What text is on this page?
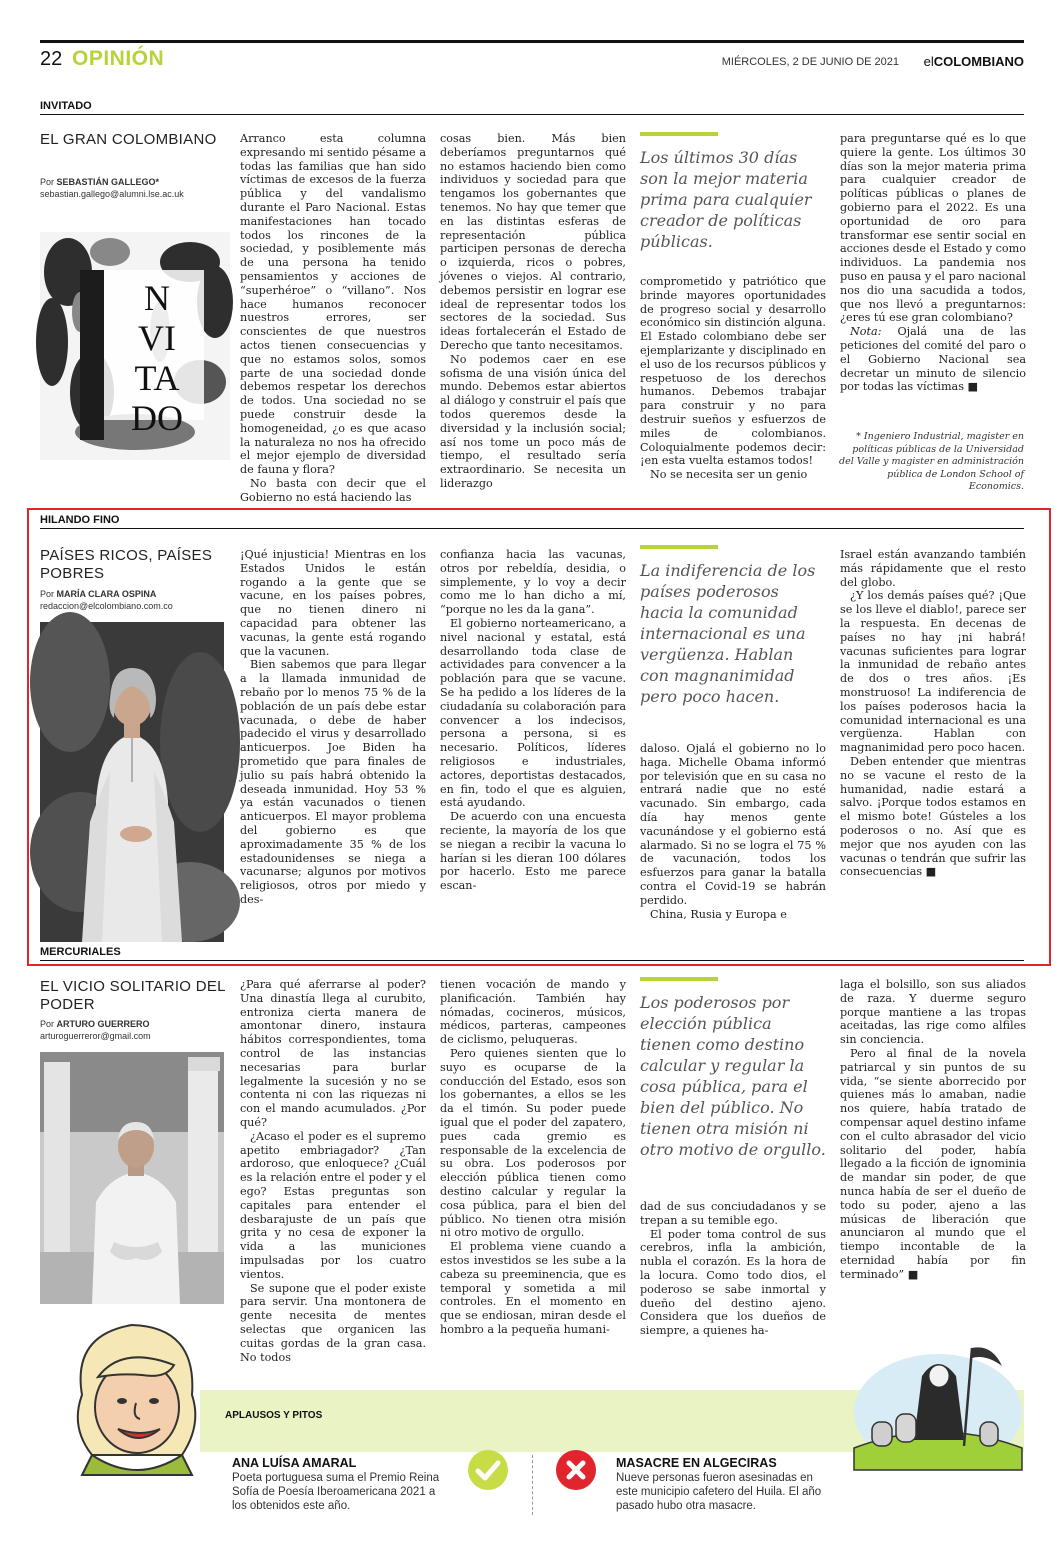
22 OPINIÓN	MIÉRCOLES, 2 DE JUNIO DE 2021 elCOLOMBIANO
INVITADO
EL GRAN COLOMBIANO
Por SEBASTIÁN GALLEGO*
sebastian.gallego@alumni.lse.ac.uk
N
VI
TA
DO

Arranco esta columna expresando mi sentido pésame a todas las familias que han sido víctimas de excesos de la fuerza pública y del vandalismo durante el Paro Nacional. Estas manifestaciones han tocado todos los rincones de la sociedad, y posiblemente más de una persona ha tenido pensamientos y acciones de “superhéroe” o “villano”. Nos hace humanos reconocer nuestros errores, ser conscientes de que nuestros actos tienen consecuencias y que no estamos solos, somos parte de una sociedad donde debemos respetar los derechos de todos. Una sociedad no se puede construir desde la homogeneidad, ¿o es que acaso la naturaleza no nos ha ofrecido el mejor ejemplo de diversidad de fauna y flora?

No basta con decir que el Gobierno no está haciendo las

cosas bien. Más bien deberíamos preguntarnos qué no estamos haciendo bien como individuos y sociedad para que tengamos los gobernantes que tenemos. No hay que temer que en las distintas esferas de representación pública participen personas de derecha o izquierda, ricos o pobres, jóvenes o viejos. Al contrario, debemos persistir en lograr ese ideal de representar todos los sectores de la sociedad. Sus ideas fortalecerán el Estado de Derecho que tanto necesitamos.

No podemos caer en ese sofisma de una visión única del mundo. Debemos estar abiertos al diálogo y construir el país que todos queremos desde la diversidad y la inclusión social; así nos tome un poco más de tiempo, el resultado sería extraordinario. Se necesita un liderazgo

Los últimos 30 días son la mejor materia prima para cualquier creador de políticas públicas.

comprometido y patriótico que brinde mayores oportunidades de progreso social y desarrollo económico sin distinción alguna. El Estado colombiano debe ser ejemplarizante y disciplinado en el uso de los recursos públicos y respetuoso de los derechos humanos. Debemos trabajar para construir y no para destruir sueños y esfuerzos de miles de colombianos. Coloquialmente podemos decir: ¡en esta vuelta estamos todos!

No se necesita ser un genio

para preguntarse qué es lo que quiere la gente. Los últimos 30 días son la mejor materia prima para cualquier creador de políticas públicas o planes de gobierno para el 2022. Es una oportunidad de oro para transformar ese sentir social en acciones desde el Estado y como individuos. La pandemia nos puso en pausa y el paro nacional nos dio una sacudida a todos, que nos llevó a preguntarnos: ¿eres tú ese gran colombiano?

Nota: Ojalá una de las peticiones del comité del paro o el Gobierno Nacional sea decretar un minuto de silencio por todas las víctimas ■

* Ingeniero Industrial, magister en políticas públicas de la Universidad del Valle y magister en administración pública de London School of Economics.
HILANDO FINO
PAÍSES RICOS, PAÍSES POBRES
Por MARÍA CLARA OSPINA
redaccion@elcolombiano.com.co

¡Qué injusticia! Mientras en los Estados Unidos le están rogando a la gente que se vacune, en los países pobres, que no tienen dinero ni capacidad para obtener las vacunas, la gente está rogando que la vacunen.

Bien sabemos que para llegar a la llamada inmunidad de rebaño por lo menos 75 % de la población de un país debe estar vacunada, o debe de haber padecido el virus y desarrollado anticuerpos. Joe Biden ha prometido que para finales de julio su país habrá obtenido la deseada inmunidad. Hoy 53 % ya están vacunados o tienen anticuerpos. El mayor problema del gobierno es que aproximadamente 35 % de los estadounidenses se niega a vacunarse; algunos por motivos religiosos, otros por miedo y des-

confianza hacia las vacunas, otros por rebeldía, desidia, o simplemente, y lo voy a decir como me lo han dicho a mí, “porque no les da la gana”.

El gobierno norteamericano, a nivel nacional y estatal, está desarrollando toda clase de actividades para convencer a la población para que se vacune. Se ha pedido a los líderes de la ciudadanía su colaboración para convencer a los indecisos, persona a persona, si es necesario. Políticos, líderes religiosos e industriales, actores, deportistas destacados, en fin, todo el que es alguien, está ayudando.

De acuerdo con una encuesta reciente, la mayoría de los que se niegan a recibir la vacuna lo harían si les dieran 100 dólares por hacerlo. Esto me parece escan-

La indiferencia de los países poderosos hacia la comunidad internacional es una vergüenza. Hablan con magnanimidad pero poco hacen.

daloso. Ojalá el gobierno no lo haga. Michelle Obama informó por televisión que en su casa no entrará nadie que no esté vacunado. Sin embargo, cada día hay menos gente vacunándose y el gobierno está alarmado. Si no se logra el 75 % de vacunación, todos los esfuerzos para ganar la batalla contra el Covid-19 se habrán perdido.

China, Rusia y Europa e

Israel están avanzando también más rápidamente que el resto del globo.

¿Y los demás países qué? ¡Que se los lleve el diablo!, parece ser la respuesta. En decenas de países no hay ¡ni habrá! vacunas suficientes para lograr la inmunidad de rebaño antes de dos o tres años. ¡Es monstruoso! La indiferencia de los países poderosos hacia la comunidad internacional es una vergüenza. Hablan con magnanimidad pero poco hacen.

Deben entender que mientras no se vacune el resto de la humanidad, nadie estará a salvo. ¡Porque todos estamos en el mismo bote! Gústeles a los poderosos o no. Así que es mejor que nos ayuden con las vacunas o tendrán que sufrir las consecuencias ■

MERCURIALES
EL VICIO SOLITARIO DEL PODER
Por ARTURO GUERRERO
arturoguerreror@gmail.com

¿Para qué aferrarse al poder? Una dinastía llega al curubito, entroniza cierta manera de amontonar dinero, instaura hábitos correspondientes, toma control de las instancias necesarias para burlar legalmente la sucesión y no se contenta ni con las riquezas ni con el mando acumulados. ¿Por qué?

¿Acaso el poder es el supremo apetito embriagador? ¿Tan ardoroso, que enloquece? ¿Cuál es la relación entre el poder y el ego? Estas preguntas son capitales para entender el desbarajuste de un país que grita y no cesa de exponer la vida a las municiones impulsadas por los cuatro vientos.

Se supone que el poder existe para servir. Una montonera de gente necesita de mentes selectas que organicen las cuitas gordas de la gran casa. No todos

tienen vocación de mando y planificación. También hay nómadas, cocineros, músicos, médicos, parteras, campeones de ciclismo, peluqueras.

Pero quienes sienten que lo suyo es ocuparse de la conducción del Estado, esos son los gobernantes, a ellos se les da el timón. Su poder puede igual que el poder del zapatero, pues cada gremio es responsable de la excelencia de su obra. Los poderosos por elección pública tienen como destino calcular y regular la cosa pública, para el bien del público. No tienen otra misión ni otro motivo de orgullo.

El problema viene cuando a estos investidos se les sube a la cabeza su preeminencia, que es temporal y sometida a mil controles. En el momento en que se endiosan, miran desde el hombro a la pequeña humani-

Los poderosos por elección pública tienen como destino calcular y regular la cosa pública, para el bien del público. No tienen otra misión ni otro motivo de orgullo.

dad de sus conciudadanos y se trepan a su temible ego.

El poder toma control de sus cerebros, infla la ambición, nubla el corazón. Es la hora de la locura. Como todo dios, el poderoso se sabe inmortal y dueño del destino ajeno. Considera que los dueños de siempre, a quienes ha-

laga el bolsillo, son sus aliados de raza. Y duerme seguro porque mantiene a las tropas aceitadas, las rige como alfiles sin conciencia.

Pero al final de la novela patriarcal y sin puntos de su vida, “se siente aborrecido por quienes más lo amaban, nadie nos quiere, había tratado de compensar aquel destino infame con el culto abrasador del vicio solitario del poder, había llegado a la ficción de ignominia de mandar sin poder, de que nunca había de ser el dueño de todo su poder, ajeno a las músicas de liberación que anunciaron al mundo que el tiempo incontable de la eternidad había por fin terminado” ■

APLAUSOS Y PITOS
ANA LUÍSA AMARAL
Poeta portuguesa suma el Premio Reina Sofía de Poesía Iberoamericana 2021 a los obtenidos este año.
MASACRE EN ALGECIRAS
Nueve personas fueron asesinadas en este municipio cafetero del Huila. El año pasado hubo otra masacre.
